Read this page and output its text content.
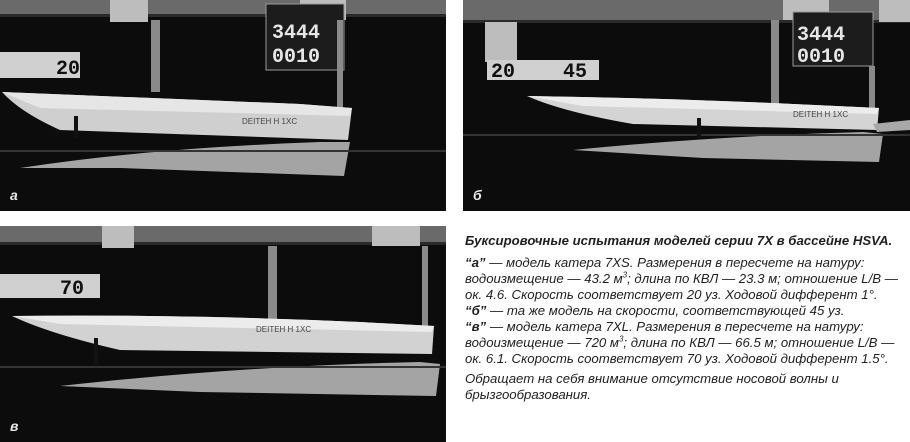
3444
0010
20
DEITEH H 1XC
а
3444
0010
20 45
DEITEH H 1XC
б
70
DEITEH H 1XC
в
Буксировочные испытания моделей серии 7Х в бассейне HSVA.

“а” — модель катера 7XS. Размерения в пересчете на натуру: водоизмещение — 43.2 $м^3$; длина по КВЛ — 23.3 м; отношение L/B — ок. 4.6. Скорость соответствует 20 уз. Ходовой дифферент 1°.
“б” — та же модель на скорости, соответствующей 45 уз.
“в” — модель катера 7XL. Размерения в пересчете на натуру: водоизмещение — 720 $м^3$; длина по КВЛ — 66.5 м; отношение L/B — ок. 6.1. Скорость соответствует 70 уз. Ходовой дифферент 1.5°.

Обращает на себя внимание отсутствие носовой волны и брызгообразования.
